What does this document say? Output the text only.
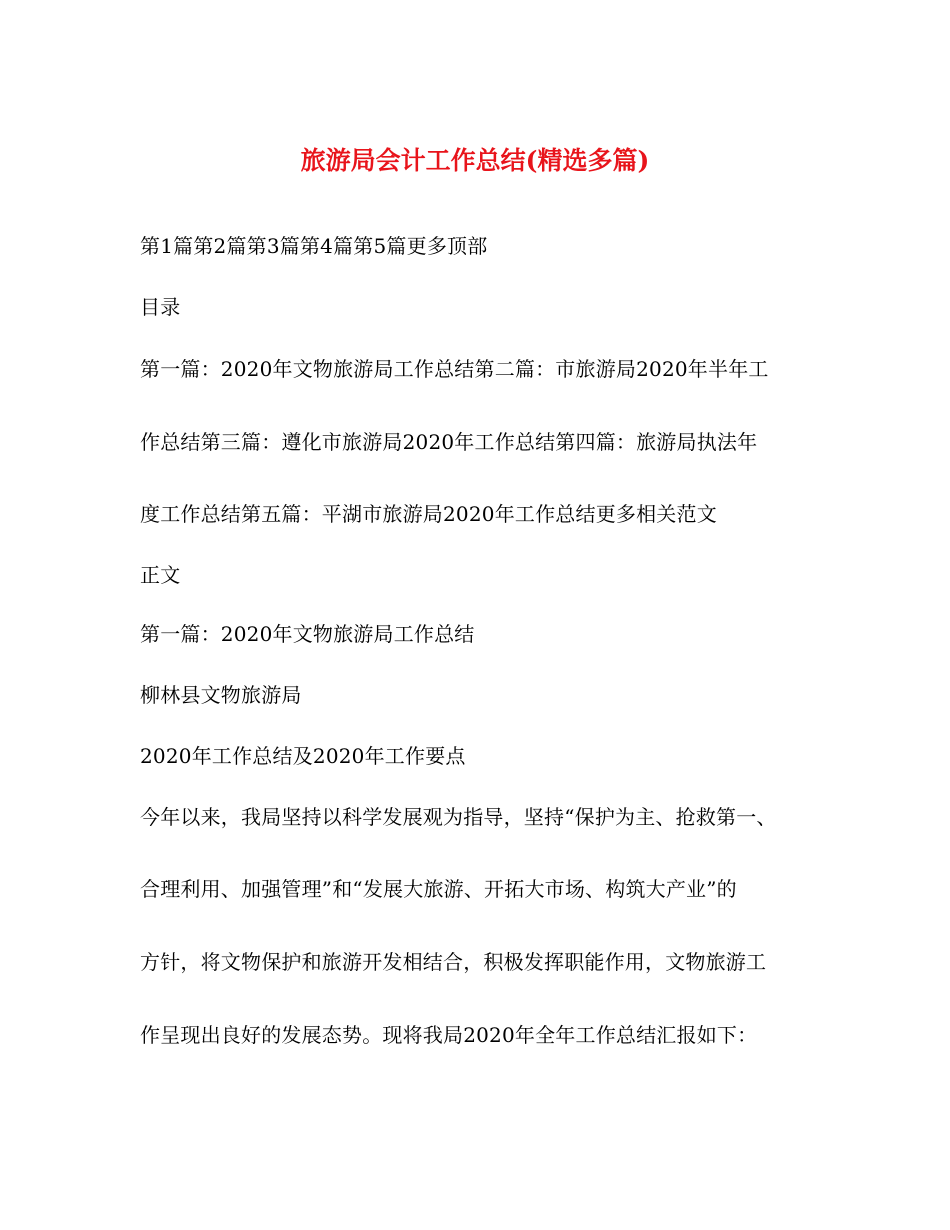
旅游局会计工作总结(精选多篇)
第1篇第2篇第3篇第4篇第5篇更多顶部
目录
第一篇：2020年文物旅游局工作总结第二篇：市旅游局2020年半年工
作总结第三篇：遵化市旅游局2020年工作总结第四篇：旅游局执法年
度工作总结第五篇：平湖市旅游局2020年工作总结更多相关范文
正文
第一篇：2020年文物旅游局工作总结
柳林县文物旅游局
2020年工作总结及2020年工作要点
今年以来，我局坚持以科学发展观为指导，坚持“保护为主、抢救第一、
合理利用、加强管理”和“发展大旅游、开拓大市场、构筑大产业”的
方针，将文物保护和旅游开发相结合，积极发挥职能作用，文物旅游工
作呈现出良好的发展态势。现将我局2020年全年工作总结汇报如下：
